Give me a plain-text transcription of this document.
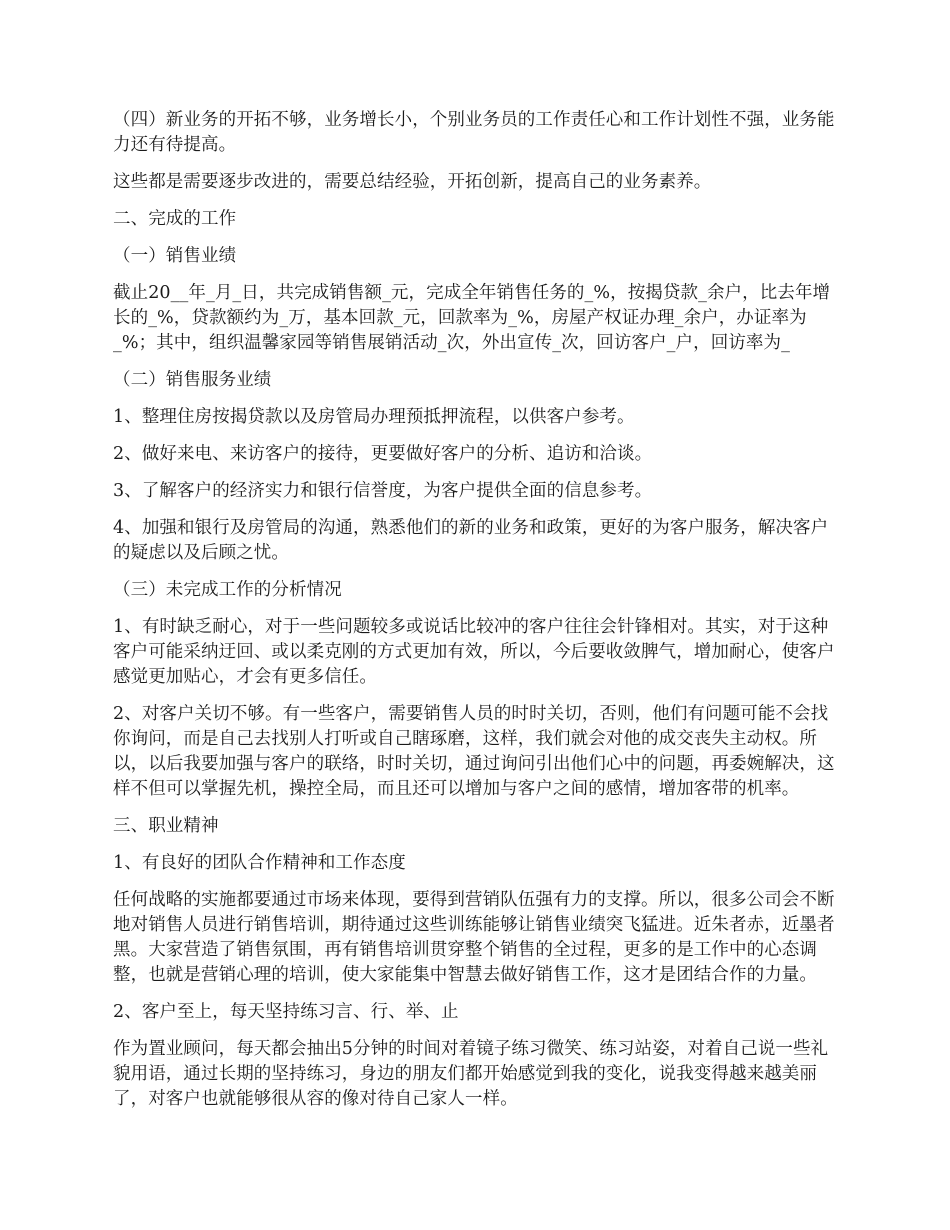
（四）新业务的开拓不够，业务增长小，个别业务员的工作责任心和工作计划性不强，业务能力还有待提高。

这些都是需要逐步改进的，需要总结经验，开拓创新，提高自己的业务素养。

二、完成的工作

（一）销售业绩

截止20__年_月_日，共完成销售额_元，完成全年销售任务的_%，按揭贷款_余户，比去年增长的_%，贷款额约为_万，基本回款_元，回款率为_%，房屋产权证办理_余户，办证率为_%；其中，组织温馨家园等销售展销活动_次，外出宣传_次，回访客户_户，回访率为_

（二）销售服务业绩

1、整理住房按揭贷款以及房管局办理预抵押流程，以供客户参考。

2、做好来电、来访客户的接待，更要做好客户的分析、追访和洽谈。

3、了解客户的经济实力和银行信誉度，为客户提供全面的信息参考。

4、加强和银行及房管局的沟通，熟悉他们的新的业务和政策，更好的为客户服务，解决客户的疑虑以及后顾之忧。

（三）未完成工作的分析情况

1、有时缺乏耐心，对于一些问题较多或说话比较冲的客户往往会针锋相对。其实，对于这种客户可能采纳迂回、或以柔克刚的方式更加有效，所以，今后要收敛脾气，增加耐心，使客户感觉更加贴心，才会有更多信任。

2、对客户关切不够。有一些客户，需要销售人员的时时关切，否则，他们有问题可能不会找你询问，而是自己去找别人打听或自己瞎琢磨，这样，我们就会对他的成交丧失主动权。所以，以后我要加强与客户的联络，时时关切，通过询问引出他们心中的问题，再委婉解决，这样不但可以掌握先机，操控全局，而且还可以增加与客户之间的感情，增加客带的机率。

三、职业精神

1、有良好的团队合作精神和工作态度

任何战略的实施都要通过市场来体现，要得到营销队伍强有力的支撑。所以，很多公司会不断地对销售人员进行销售培训，期待通过这些训练能够让销售业绩突飞猛进。近朱者赤，近墨者黑。大家营造了销售氛围，再有销售培训贯穿整个销售的全过程，更多的是工作中的心态调整，也就是营销心理的培训，使大家能集中智慧去做好销售工作，这才是团结合作的力量。

2、客户至上，每天坚持练习言、行、举、止

作为置业顾问，每天都会抽出5分钟的时间对着镜子练习微笑、练习站姿，对着自己说一些礼貌用语，通过长期的坚持练习，身边的朋友们都开始感觉到我的变化，说我变得越来越美丽了，对客户也就能够很从容的像对待自己家人一样。
